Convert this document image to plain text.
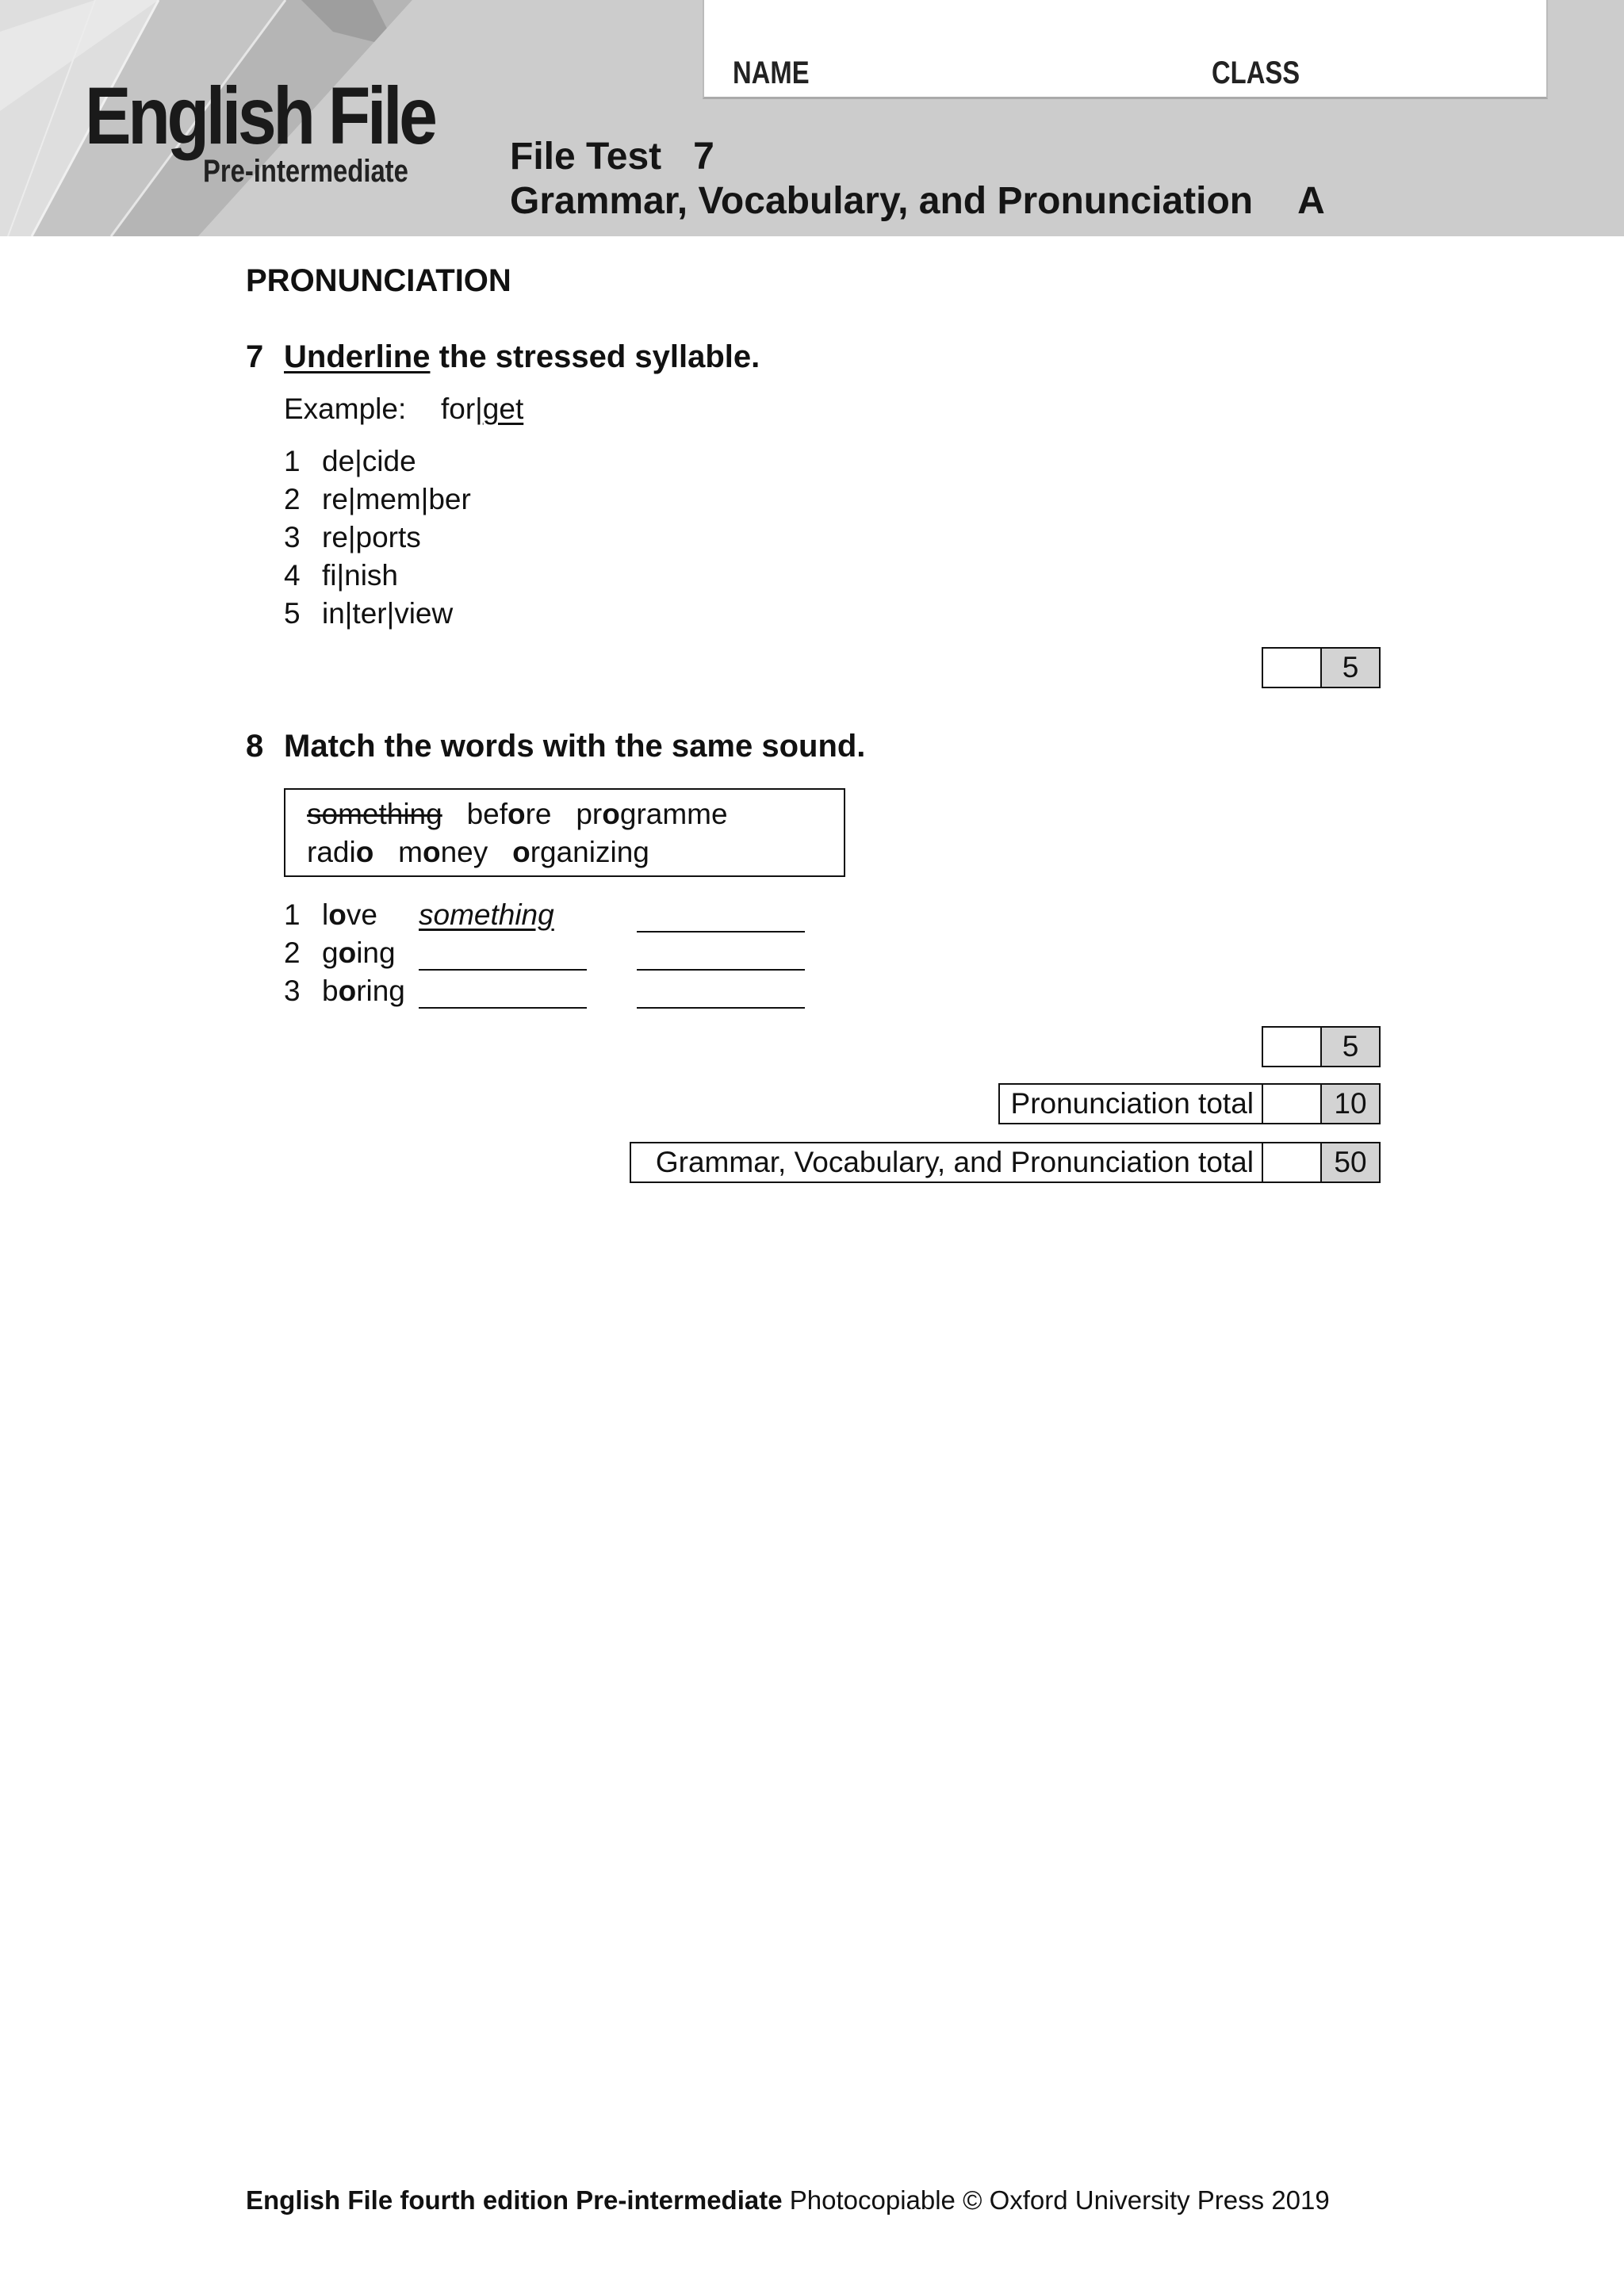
NAME	CLASS
English File
Pre-intermediate	File Test   7
Grammar, Vocabulary, and Pronunciation A
PRONUNCIATION
7 Underline the stressed syllable.
Example: for|get
1 de|cide
2 re|mem|ber
3 re|ports
4 fi|nish
5 in|ter|view
5
8 Match the words with the same sound.
something before programme
radio money organizing
1 love something
2 going
3 boring
5
Pronunciation total	10
Grammar, Vocabulary, and Pronunciation total	50
English File fourth edition Pre-intermediate Photocopiable © Oxford University Press 2019
